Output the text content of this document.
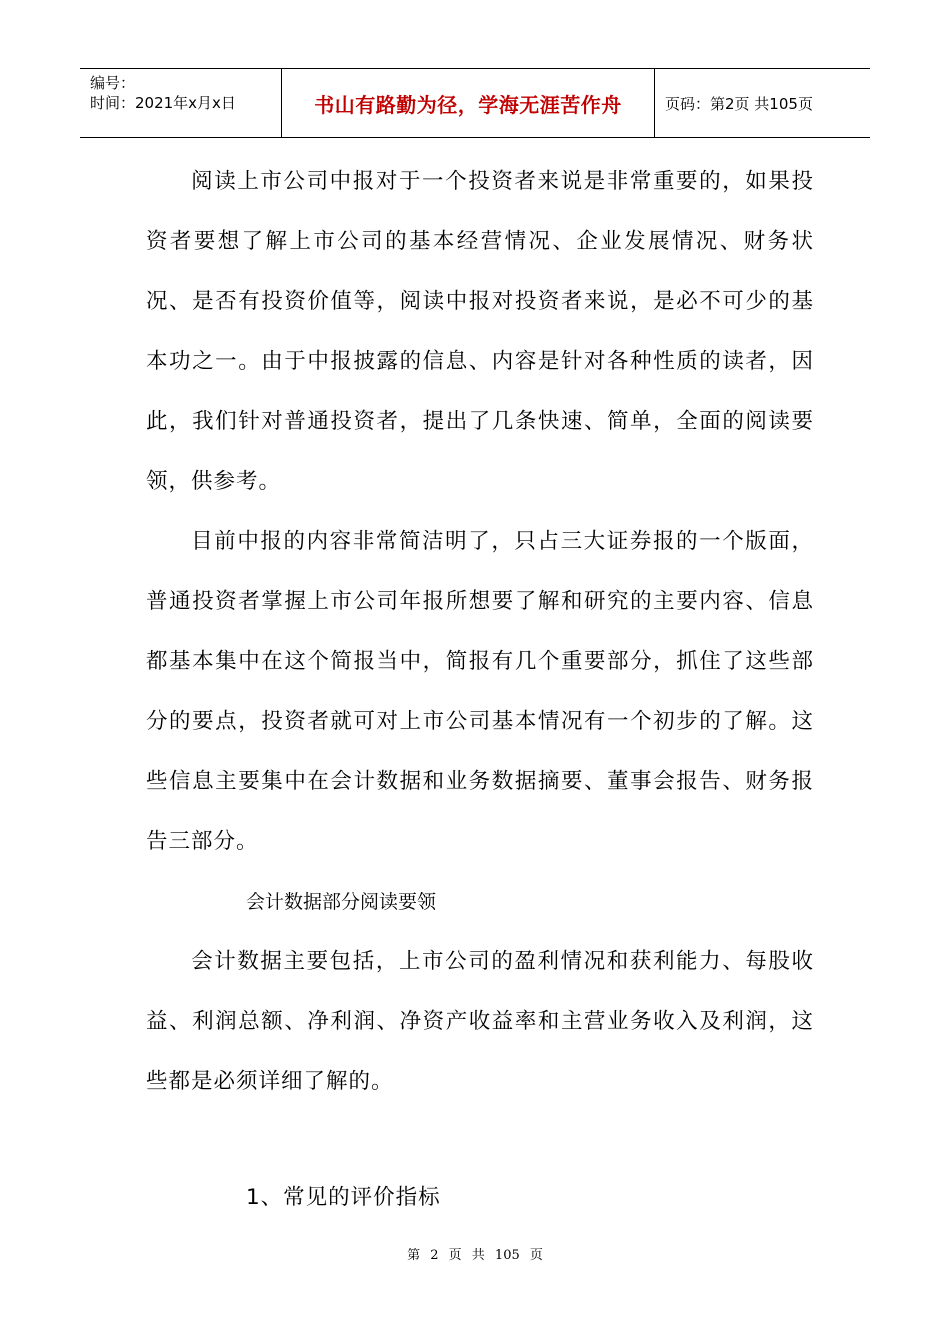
编号：
时间：2021年x月x日	书山有路勤为径，学海无涯苦作舟	页码：第2页 共105页

阅读上市公司中报对于一个投资者来说是非常重要的，如果投资者要想了解上市公司的基本经营情况、企业发展情况、财务状况、是否有投资价值等，阅读中报对投资者来说，是必不可少的基本功之一。由于中报披露的信息、内容是针对各种性质的读者，因此，我们针对普通投资者，提出了几条快速、简单，全面的阅读要领，供参考。

目前中报的内容非常简洁明了，只占三大证券报的一个版面，普通投资者掌握上市公司年报所想要了解和研究的主要内容、信息都基本集中在这个简报当中，简报有几个重要部分，抓住了这些部分的要点，投资者就可对上市公司基本情况有一个初步的了解。这些信息主要集中在会计数据和业务数据摘要、董事会报告、财务报告三部分。

会计数据部分阅读要领

会计数据主要包括，上市公司的盈利情况和获利能力、每股收益、利润总额、净利润、净资产收益率和主营业务收入及利润，这些都是必须详细了解的。

1、常见的评价指标
第 2 页 共 105 页
